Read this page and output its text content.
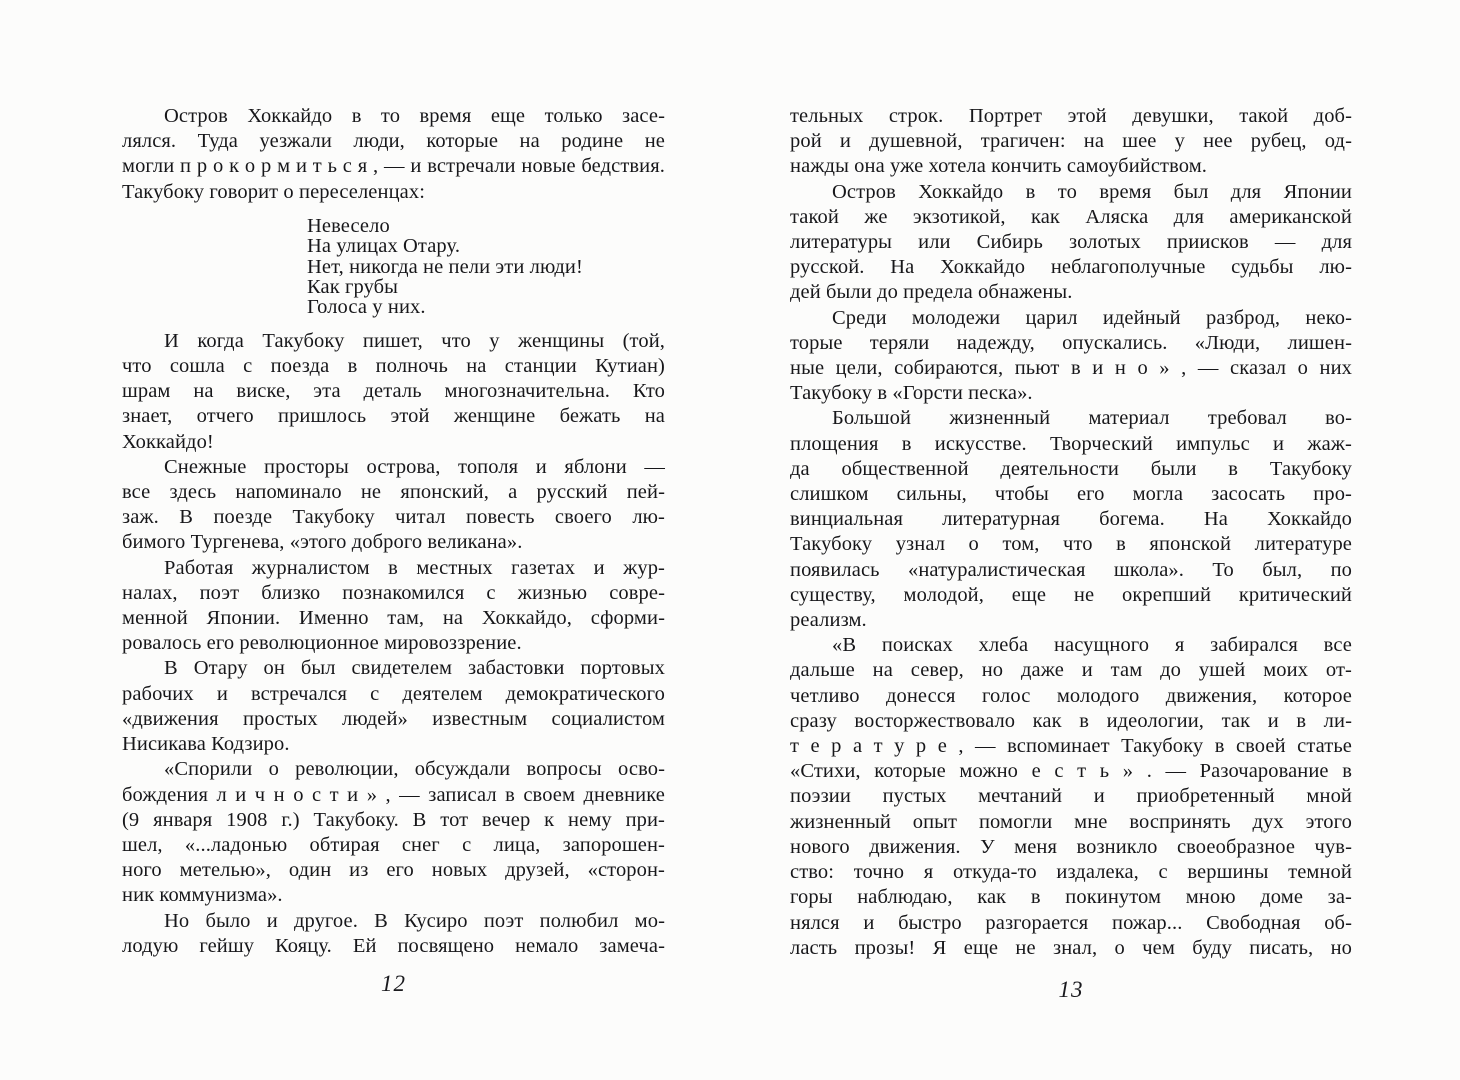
Остров Хоккайдо в то время еще только засе-
лялся. Туда уезжали люди, которые на родине не
могли п р о к о р м и т ь с я , — и встречали новые бедствия.
Такубоку говорит о переселенцах:
Невесело
На улицах Отару.
Нет, никогда не пели эти люди!
Как грубы
Голоса у них.
И когда Такубоку пишет, что у женщины (той,
что сошла с поезда в полночь на станции Кутиан)
шрам на виске, эта деталь многозначительна. Кто
знает, отчего пришлось этой женщине бежать на
Хоккайдо!
Снежные просторы острова, тополя и яблони —
все здесь напоминало не японский, а русский пей-
заж. В поезде Такубоку читал повесть своего лю-
бимого Тургенева, «этого доброго великана».
Работая журналистом в местных газетах и жур-
налах, поэт близко познакомился с жизнью совре-
менной Японии. Именно там, на Хоккайдо, сформи-
ровалось его революционное мировоззрение.
В Отару он был свидетелем забастовки портовых
рабочих и встречался с деятелем демократического
«движения простых людей» известным социалистом
Нисикава Кодзиро.
«Спорили о революции, обсуждали вопросы осво-
бождения л и ч н о с т и » , — записал в своем дневнике
(9 января 1908 г.) Такубоку. В тот вечер к нему при-
шел, «...ладонью обтирая снег с лица, запорошен-
ного метелью», один из его новых друзей, «сторон-
ник коммунизма».
Но было и другое. В Кусиро поэт полюбил мо-
лодую гейшу Кояцу. Ей посвящено немало замеча-
12
тельных строк. Портрет этой девушки, такой доб-
рой и душевной, трагичен: на шее у нее рубец, од-
нажды она уже хотела кончить самоубийством.
Остров Хоккайдо в то время был для Японии
такой же экзотикой, как Аляска для американской
литературы или Сибирь золотых приисков — для
русской. На Хоккайдо неблагополучные судьбы лю-
дей были до предела обнажены.
Среди молодежи царил идейный разброд, неко-
торые теряли надежду, опускались. «Люди, лишен-
ные цели, собираются, пьют в и н о » , — сказал о них
Такубоку в «Горсти песка».
Большой жизненный материал требовал во-
площения в искусстве. Творческий импульс и жаж-
да общественной деятельности были в Такубоку
слишком сильны, чтобы его могла засосать про-
винциальная литературная богема. На Хоккайдо
Такубоку узнал о том, что в японской литературе
появилась «натуралистическая школа». То был, по
существу, молодой, еще не окрепший критический
реализм.
«В поисках хлеба насущного я забирался все
дальше на север, но даже и там до ушей моих от-
четливо донесся голос молодого движения, которое
сразу восторжествовало как в идеологии, так и в ли-
т е р а т у р е , — вспоминает Такубоку в своей статье
«Стихи, которые можно е с т ь » . — Разочарование в
поэзии пустых мечтаний и приобретенный мной
жизненный опыт помогли мне воспринять дух этого
нового движения. У меня возникло своеобразное чув-
ство: точно я откуда-то издалека, с вершины темной
горы наблюдаю, как в покинутом мною доме за-
нялся и быстро разгорается пожар... Свободная об-
ласть прозы! Я еще не знал, о чем буду писать, но
13
